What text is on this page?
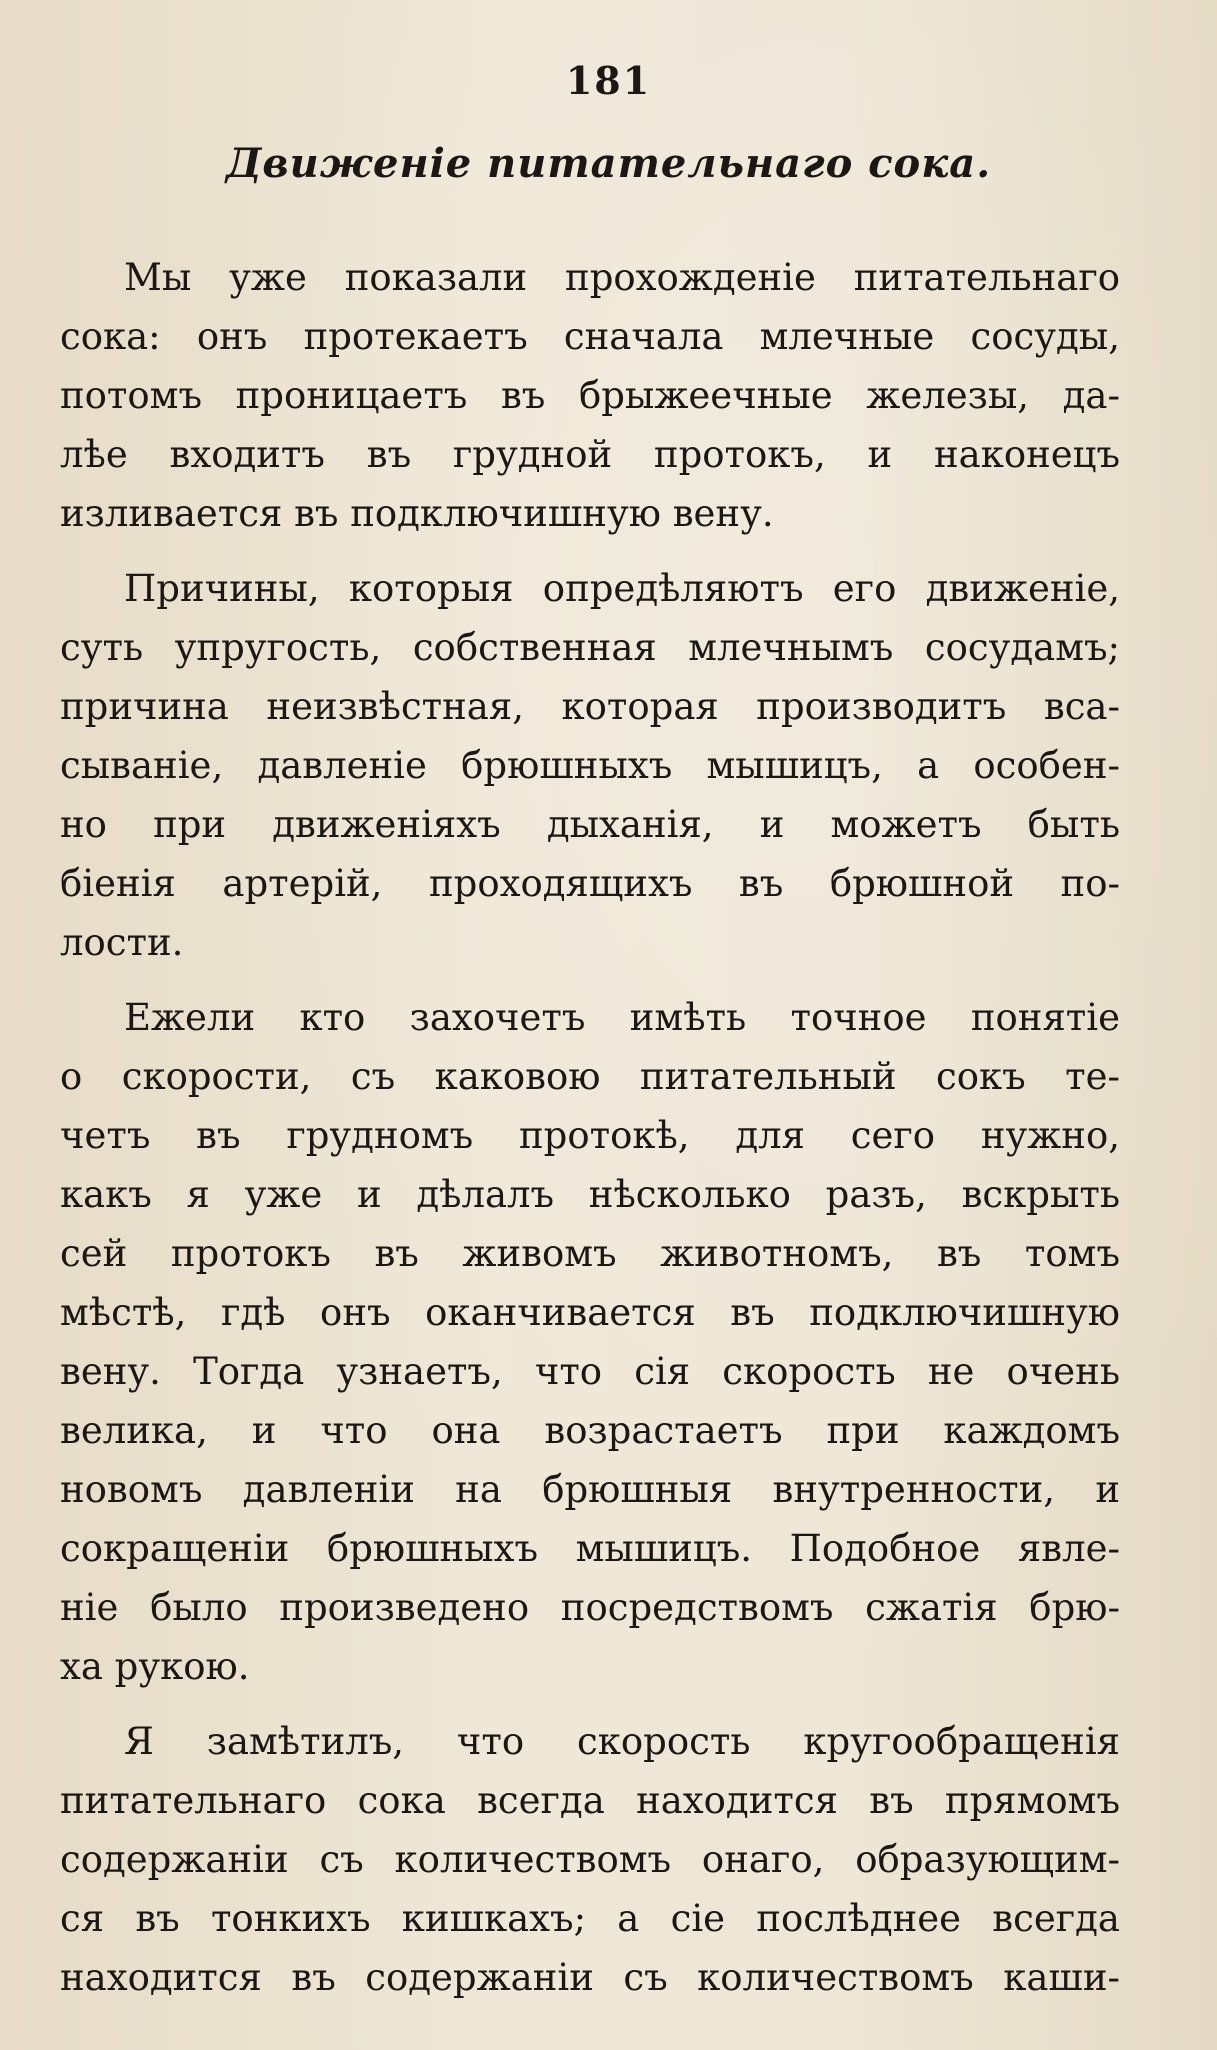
181
Движенiе питательнаго сока.
Мы уже показали прохожденiе питательнаго
сока: онъ протекаетъ сначала млечные сосуды,
потомъ проницаетъ въ брыжеечные железы, да-
лѣе входитъ въ грудной протокъ, и наконецъ
изливается въ подключишную вену.
Причины, которыя опредѣляютъ его движенiе,
суть упругость, собственная млечнымъ сосудамъ;
причина неизвѣстная, которая производитъ вса-
сыванiе, давленiе брюшныхъ мышицъ, а особен-
но при движенiяхъ дыханiя, и можетъ быть
бiенiя артерiй, проходящихъ въ брюшной по-
лости.
Ежели кто захочетъ имѣть точное понятiе
о скорости, съ каковою питательный сокъ те-
четъ въ грудномъ протокѣ, для сего нужно,
какъ я уже и дѣлалъ нѣсколько разъ, вскрыть
сей протокъ въ живомъ животномъ, въ томъ
мѣстѣ, гдѣ онъ оканчивается въ подключишную
вену. Тогда узнаетъ, что сiя скорость не очень
велика, и что она возрастаетъ при каждомъ
новомъ давленiи на брюшныя внутренности, и
сокращенiи брюшныхъ мышицъ. Подобное явле-
нiе было произведено посредствомъ сжатiя брю-
ха рукою.
Я замѣтилъ, что скорость кругообращенiя
питательнаго сока всегда находится въ прямомъ
содержанiи съ количествомъ онаго, образующим-
ся въ тонкихъ кишкахъ; а сiе послѣднее всегда
находится въ содержанiи съ количествомъ каши-
